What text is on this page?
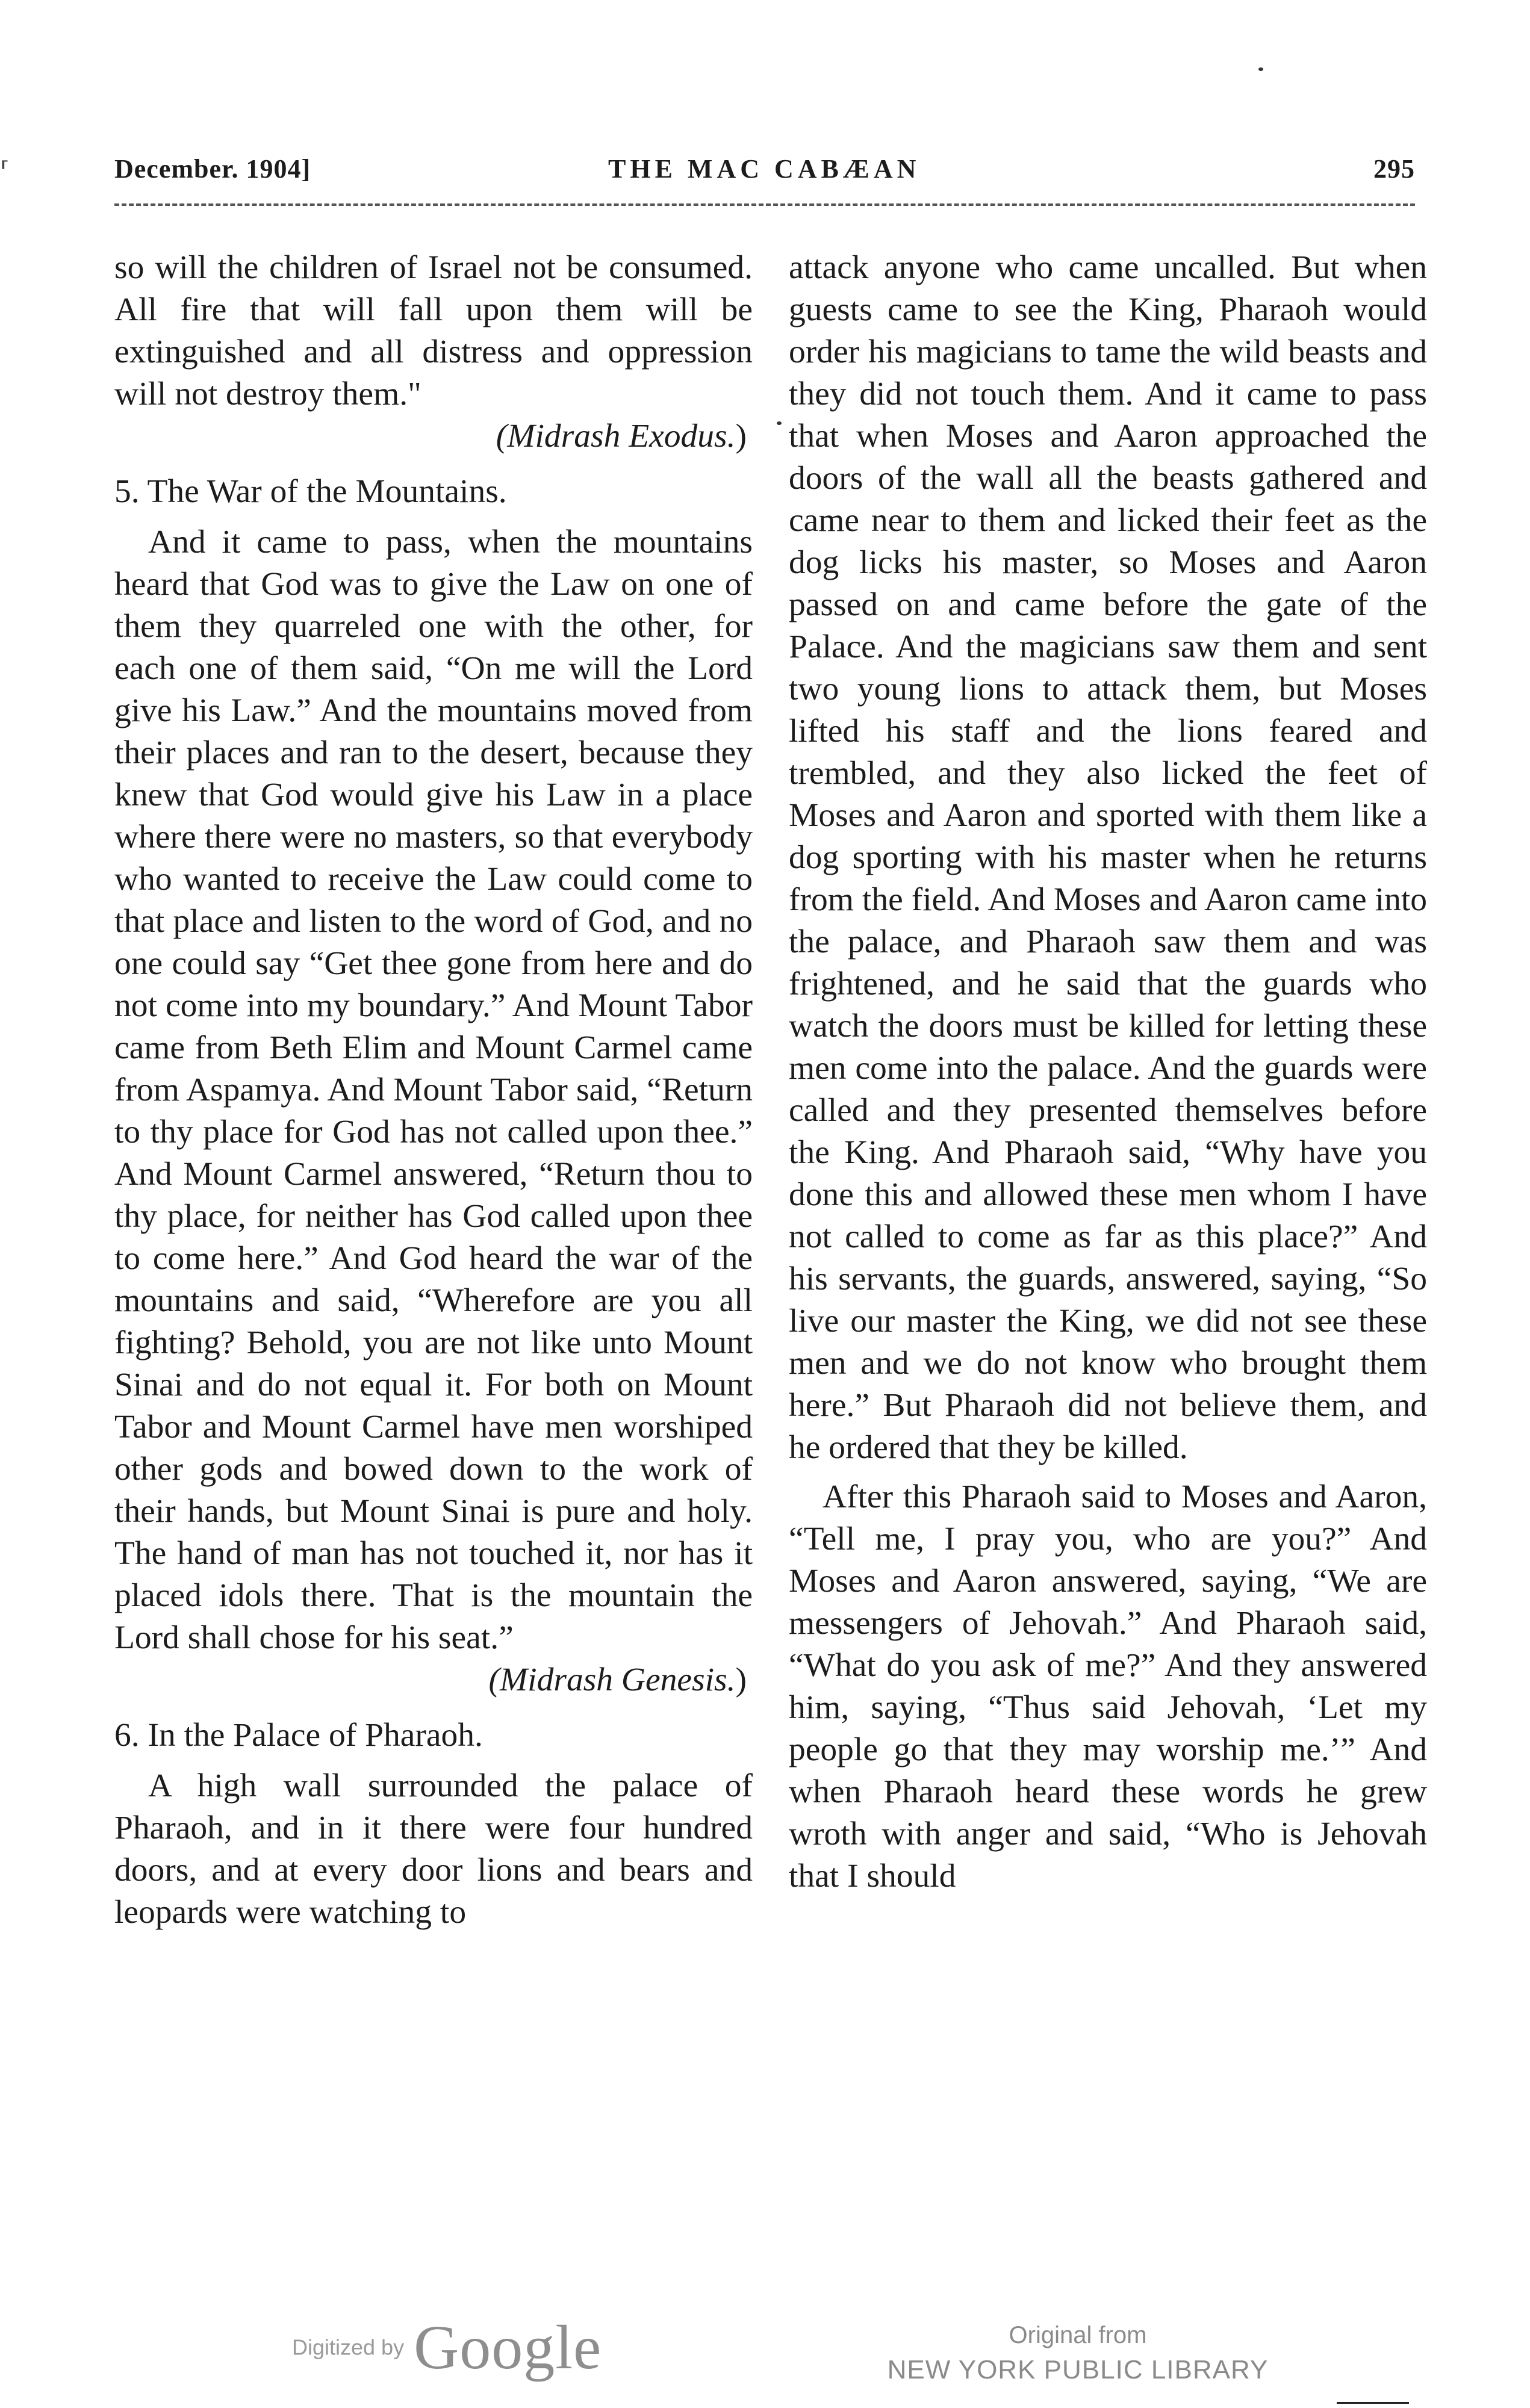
⸢	December. 1904]	THE MAC CABÆAN	295

so will the children of Israel not be consumed. All fire that will fall upon them will be extinguished and all distress and oppression will not destroy them."

(Midrash Exodus.)

5. The War of the Mountains.

And it came to pass, when the mountains heard that God was to give the Law on one of them they quarreled one with the other, for each one of them said, “On me will the Lord give his Law.” And the mountains moved from their places and ran to the desert, because they knew that God would give his Law in a place where there were no masters, so that everybody who wanted to receive the Law could come to that place and listen to the word of God, and no one could say “Get thee gone from here and do not come into my boundary.” And Mount Tabor came from Beth Elim and Mount Carmel came from Aspamya. And Mount Tabor said, “Return to thy place for God has not called upon thee.” And Mount Carmel answered, “Return thou to thy place, for neither has God called upon thee to come here.” And God heard the war of the mountains and said, “Wherefore are you all fighting? Behold, you are not like unto Mount Sinai and do not equal it. For both on Mount Tabor and Mount Carmel have men worshiped other gods and bowed down to the work of their hands, but Mount Sinai is pure and holy. The hand of man has not touched it, nor has it placed idols there. That is the mountain the Lord shall chose for his seat.”

(Midrash Genesis.)

6. In the Palace of Pharaoh.

A high wall surrounded the palace of Pharaoh, and in it there were four hundred doors, and at every door lions and bears and leopards were watching to

attack anyone who came uncalled. But when guests came to see the King, Pharaoh would order his magicians to tame the wild beasts and they did not touch them. And it came to pass that when Moses and Aaron approached the doors of the wall all the beasts gathered and came near to them and licked their feet as the dog licks his master, so Moses and Aaron passed on and came before the gate of the Palace. And the magicians saw them and sent two young lions to attack them, but Moses lifted his staff and the lions feared and trembled, and they also licked the feet of Moses and Aaron and sported with them like a dog sporting with his master when he returns from the field. And Moses and Aaron came into the palace, and Pharaoh saw them and was frightened, and he said that the guards who watch the doors must be killed for letting these men come into the palace. And the guards were called and they presented themselves before the King. And Pharaoh said, “Why have you done this and allowed these men whom I have not called to come as far as this place?” And his servants, the guards, answered, saying, “So live our master the King, we did not see these men and we do not know who brought them here.” But Pharaoh did not believe them, and he ordered that they be killed.

After this Pharaoh said to Moses and Aaron, “Tell me, I pray you, who are you?” And Moses and Aaron answered, saying, “We are messengers of Jehovah.” And Pharaoh said, “What do you ask of me?” And they answered him, saying, “Thus said Jehovah, ‘Let my people go that they may worship me.’” And when Pharaoh heard these words he grew wroth with anger and said, “Who is Jehovah that I should

Digitized by Google	Original from
NEW YORK PUBLIC LIBRARY
